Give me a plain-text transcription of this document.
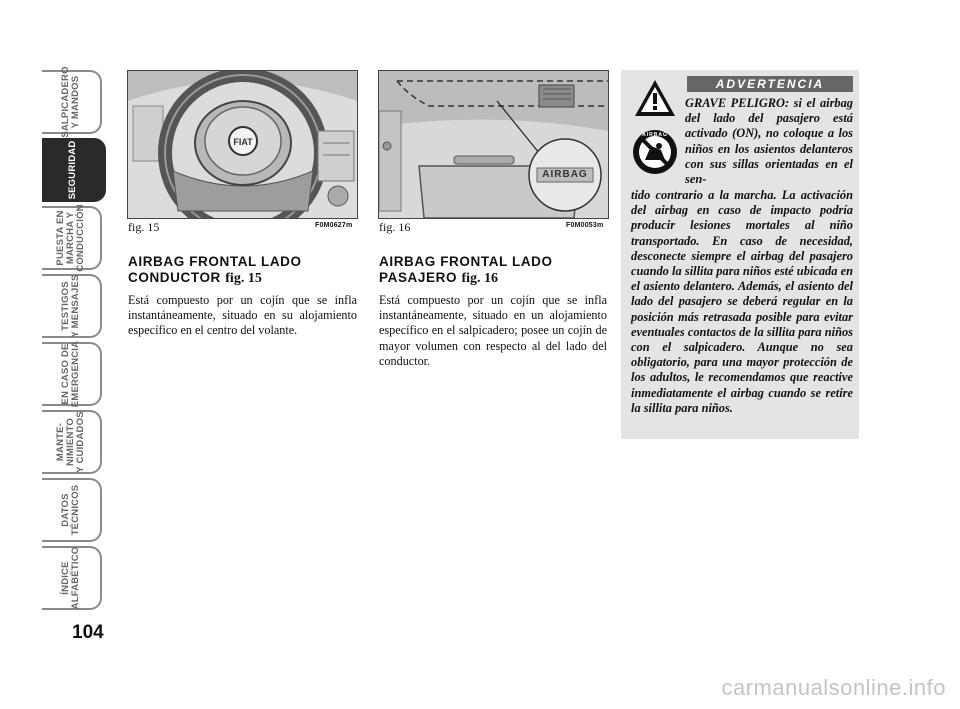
SALPICADERO
Y MANDOS
SEGURIDAD
PUESTA EN
MARCHA Y
CONDUCCIÓN
TESTIGOS
Y MENSAJES
EN CASO DE
EMERGENCIA
MANTE-
NIMIENTO
Y CUIDADOS
DATOS
TÉCNICOS
ÍNDICE
ALFABÉTICO
104
FIAT
fig. 15	F0M0627m
AIRBAG
fig. 16	F0M0053m
AIRBAG FRONTAL LADO CONDUCTOR fig. 15
Está compuesto por un cojín que se infla instantáneamente, situado en su alojamiento específico en el centro del volante.
AIRBAG FRONTAL LADO PASAJERO fig. 16
Está compuesto por un cojín que se infla instantáneamente, situado en un alojamiento específico en el salpicadero; posee un cojín de mayor volumen con respecto al del lado del conductor.
ADVERTENCIA
AIRBAG
GRAVE PELIGRO: si el airbag del lado del pasajero está activado (ON), no coloque a los niños en los asientos delanteros con sus sillas orientadas en el sen-
tido contrario a la marcha. La activación del airbag en caso de impacto podría producir lesiones mortales al niño transportado. En caso de necesidad, desconecte siempre el airbag del pasajero cuando la sillita para niños esté ubicada en el asiento delantero. Además, el asiento del lado del pasajero se deberá regular en la posición más retrasada posible para evitar eventuales contactos de la sillita para niños con el salpicadero. Aunque no sea obligatorio, para una mayor protección de los adultos, le recomendamos que reactive inmediatamente el airbag cuando se retire la sillita para niños.
carmanualsonline.info
